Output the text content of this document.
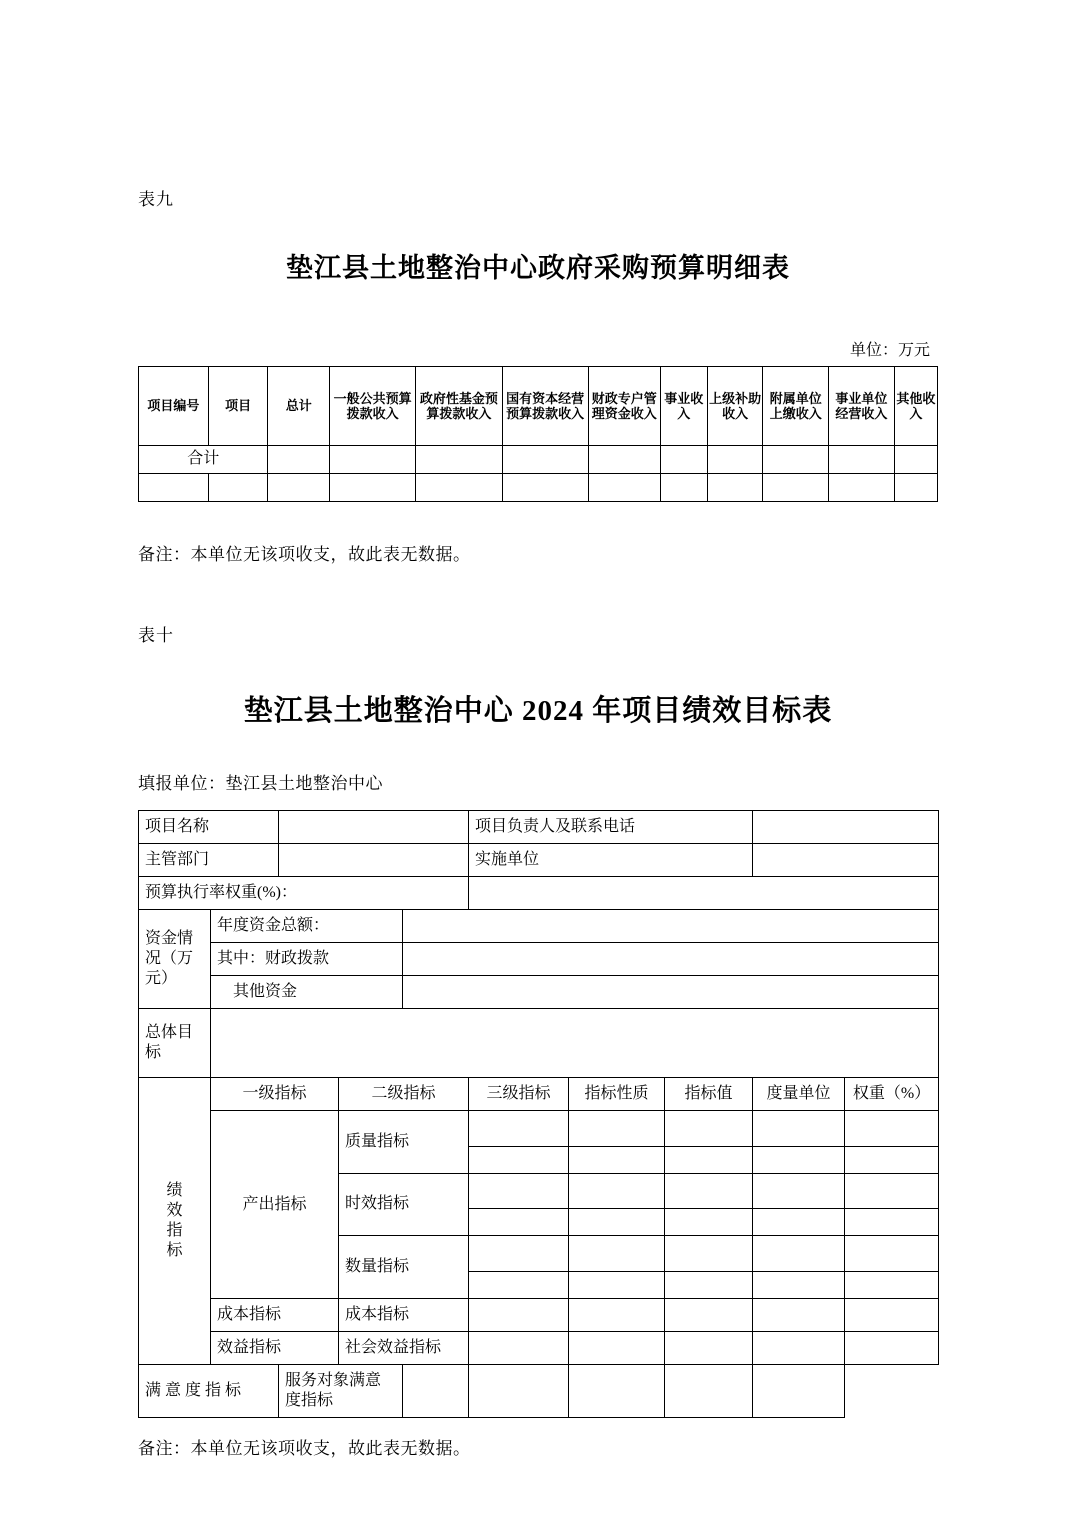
表九
垫江县土地整治中心政府采购预算明细表
单位：万元
项目编号	项目	总计	一般公共预算拨款收入	政府性基金预算拨款收入	国有资本经营预算拨款收入	财政专户管理资金收入	事业收入	上级补助收入	附属单位上缴收入	事业单位经营收入	其他收入

合计											

备注：本单位无该项收支，故此表无数据。
表十
垫江县土地整治中心 2024 年项目绩效目标表
填报单位：垫江县土地整治中心
项目名称					项目负责人及联系电话				
主管部门					实施单位				
预算执行率权重(%)：									
资金情况（万元）	年度资金总额：								
	其中：财政拨款								
	其他资金								
总体目标									

绩效指标	一级指标		二级指标		三级指标	指标性质	指标值	度量单位	权重（%）
	产出指标		质量指标						

			时效指标						

			数量指标						

	成本指标		成本指标						
	效益指标		社会效益指标						
满 意 度 指 标		服务对象满意度指标							
备注：本单位无该项收支，故此表无数据。
